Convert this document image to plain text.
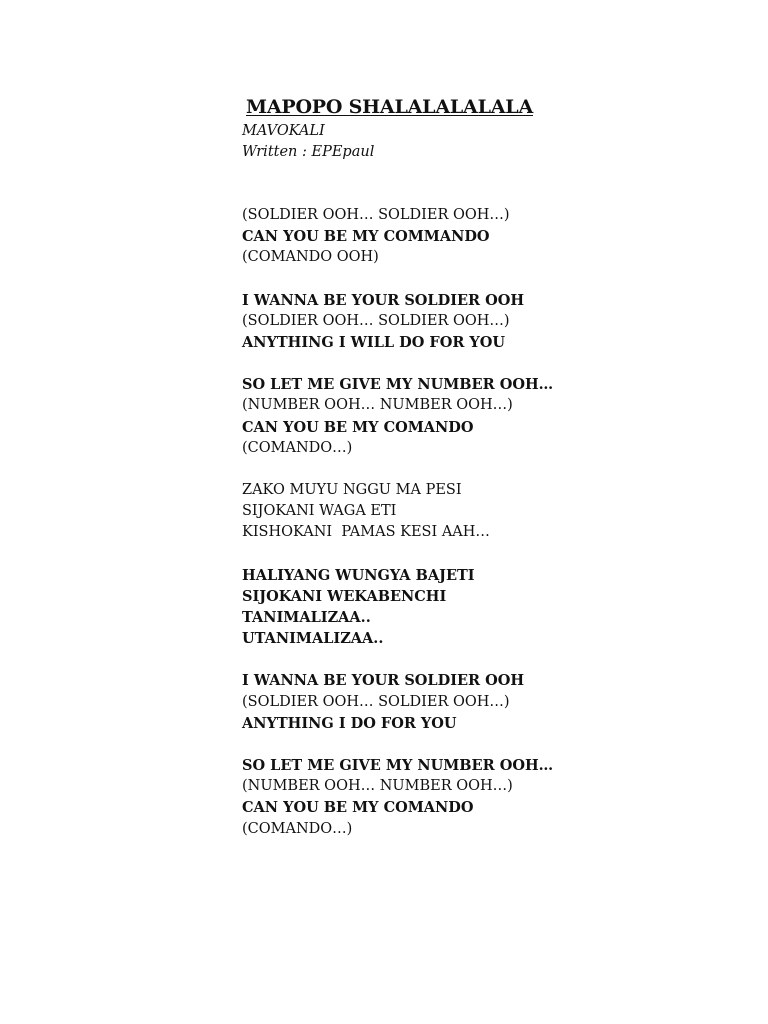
MAPOPO SHALALALALALA
MAVOKALI
Written : EPEpaul
(SOLDIER OOH… SOLDIER OOH…)
CAN YOU BE MY COMMANDO
(COMANDO OOH)
I WANNA BE YOUR SOLDIER OOH
(SOLDIER OOH… SOLDIER OOH…)
ANYTHING I WILL DO FOR YOU
SO LET ME GIVE MY NUMBER OOH…
(NUMBER OOH… NUMBER OOH…)
CAN YOU BE MY COMANDO
(COMANDO…)
ZAKO MUYU NGGU MA PESI
SIJOKANI WAGA ETI
KISHOKANI  PAMAS KESI AAH…
HALIYANG WUNGYA BAJETI
SIJOKANI WEKABENCHI
TANIMALIZAA..
UTANIMALIZAA..
I WANNA BE YOUR SOLDIER OOH
(SOLDIER OOH… SOLDIER OOH…)
ANYTHING I DO FOR YOU
SO LET ME GIVE MY NUMBER OOH…
(NUMBER OOH… NUMBER OOH…)
CAN YOU BE MY COMANDO
(COMANDO…)
